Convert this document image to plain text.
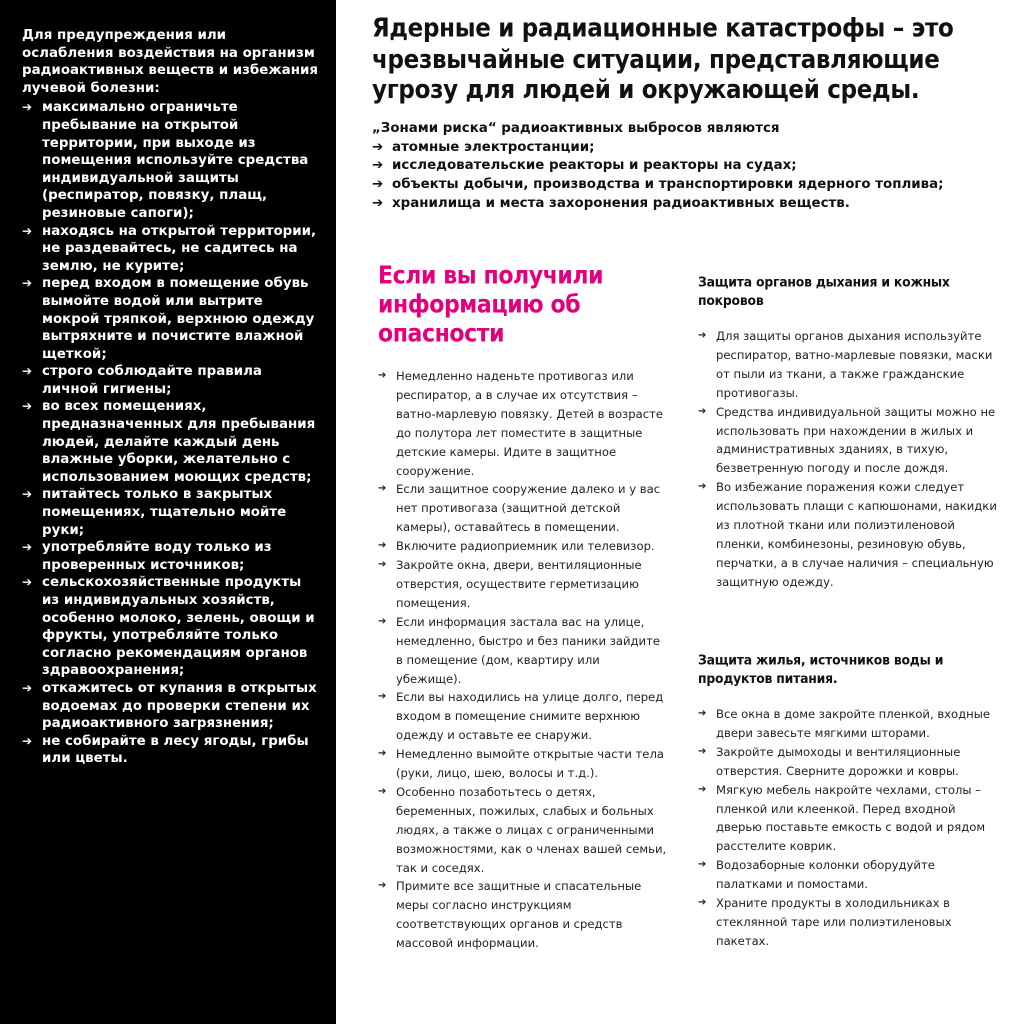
Для предупреждения или ослабления воздействия на организм радиоактивных веществ и избежания лучевой болезни:

➔ максимально ограничьте пребывание на открытой территории, при выходе из помещения используйте средства индивидуальной защиты (респиратор, повязку, плащ, резиновые сапоги);
➔ находясь на открытой территории, не раздевайтесь, не садитесь на землю, не курите;
➔ перед входом в помещение обувь вымойте водой или вытрите мокрой тряпкой, верхнюю одежду вытряхните и почистите влажной щеткой;
➔ строго соблюдайте правила личной гигиены;
➔ во всех помещениях, предназначенных для пребывания людей, делайте каждый день влажные уборки, желательно с использованием моющих средств;
➔ питайтесь только в закрытых помещениях, тщательно мойте руки;
➔ употребляйте воду только из проверенных источников;
➔ сельскохозяйственные продукты из индивидуальных хозяйств, особенно молоко, зелень, овощи и фрукты, употребляйте только согласно рекомендациям органов здравоохранения;
➔ откажитесь от купания в открытых водоемах до проверки степени их радиоактивного загрязнения;
➔ не собирайте в лесу ягоды, грибы или цветы.
Ядерные и радиационные катастрофы – это чрезвычайные ситуации, представляющие угрозу для людей и окружающей среды.

„Зонами риска“ радиоактивных выбросов являются

➔ атомные электростанции;
➔ исследовательские реакторы и реакторы на судах;
➔ объекты добычи, производства и транспортировки ядерного топлива;
➔ хранилища и места захоронения радиоактивных веществ.
Если вы получили информацию об опасности
➔ Немедленно наденьте противогаз или респиратор, а в случае их отсутствия – ватно-марлевую повязку. Детей в возрасте до полутора лет поместите в защитные детские камеры. Идите в защитное сооружение.
➔ Если защитное сооружение далеко и у вас нет противогаза (защитной детской камеры), оставайтесь в помещении.
➔ Включите радиоприемник или телевизор.
➔ Закройте окна, двери, вентиляционные отверстия, осуществите герметизацию помещения.
➔ Если информация застала вас на улице, немедленно, быстро и без паники зайдите в помещение (дом, квартиру или убежище).
➔ Если вы находились на улице долго, перед входом в помещение снимите верхнюю одежду и оставьте ее снаружи.
➔ Немедленно вымойте открытые части тела (руки, лицо, шею, волосы и т.д.).
➔ Особенно позаботьтесь о детях, беременных, пожилых, слабых и больных людях, а также о лицах с ограниченными возможностями, как о членах вашей семьи, так и соседях.
➔ Примите все защитные и спасательные меры согласно инструкциям соответствующих органов и средств массовой информации.
Защита органов дыхания и кожных покровов
➔ Для защиты органов дыхания используйте респиратор, ватно-марлевые повязки, маски от пыли из ткани, а также гражданские противогазы.
➔ Средства индивидуальной защиты можно не использовать при нахождении в жилых и административных зданиях, в тихую, безветренную погоду и после дождя.
➔ Во избежание поражения кожи следует использовать плащи с капюшонами, накидки из плотной ткани или полиэтиленовой пленки, комбинезоны, резиновую обувь, перчатки, а в случае наличия – специальную защитную одежду.
Защита жилья, источников воды и продуктов питания.
➔ Все окна в доме закройте пленкой, входные двери завесьте мягкими шторами.
➔ Закройте дымоходы и вентиляционные отверстия. Сверните дорожки и ковры.
➔ Мягкую мебель накройте чехлами, столы – пленкой или клеенкой. Перед входной дверью поставьте емкость с водой и рядом расстелите коврик.
➔ Водозаборные колонки оборудуйте палатками и помостами.
➔ Храните продукты в холодильниках в стеклянной таре или полиэтиленовых пакетах.
